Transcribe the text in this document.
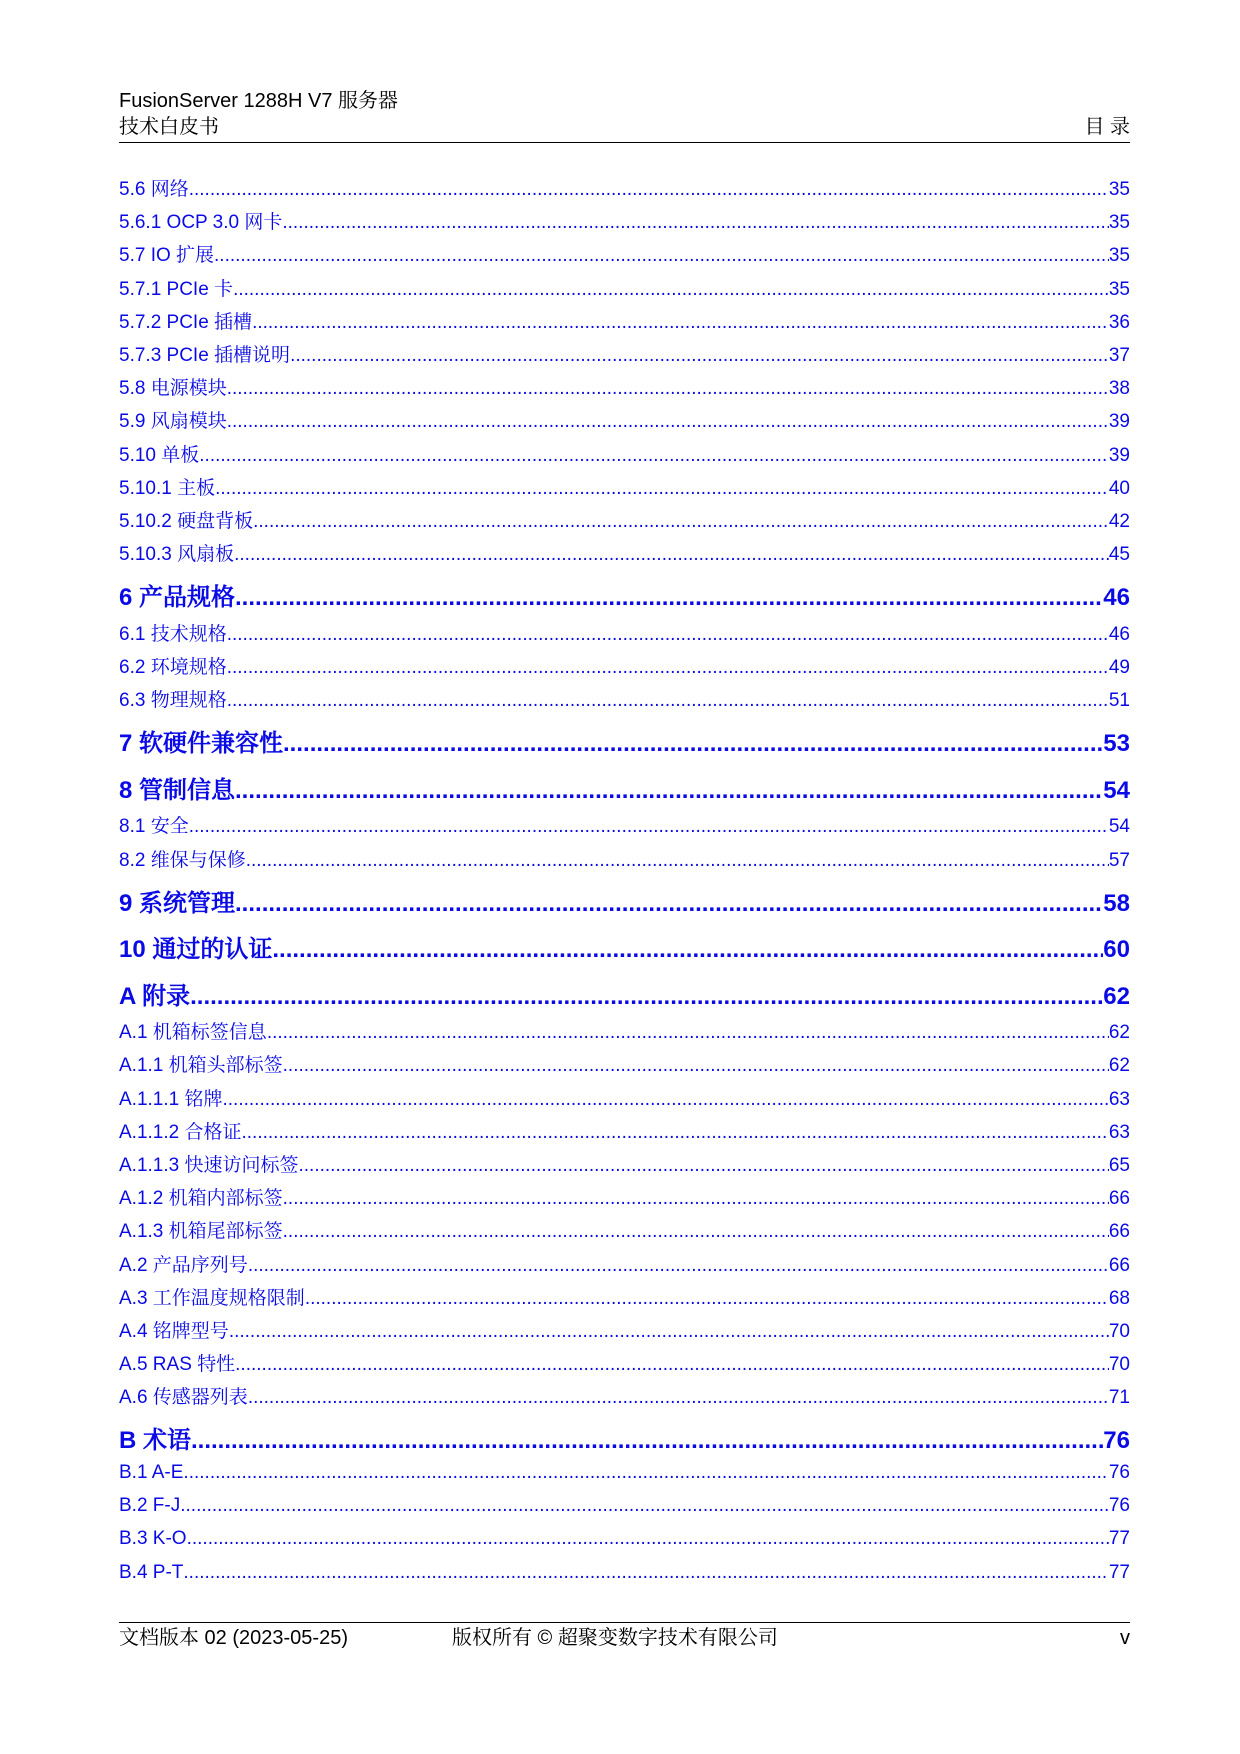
FusionServer 1288H V7 服务器
技术白皮书	目 录
5.6 网络 .....	35
5.6.1 OCP 3.0 网卡 .....	35
5.7 IO 扩展 .....	35
5.7.1 PCIe 卡 .....	35
5.7.2 PCIe 插槽 .....	36
5.7.3 PCIe 插槽说明 .....	37
5.8 电源模块 .....	38
5.9 风扇模块 .....	39
5.10 单板 .....	39
5.10.1 主板 .....	40
5.10.2 硬盘背板 .....	42
5.10.3 风扇板 .....	45
6 产品规格 .....	46
6.1 技术规格 .....	46
6.2 环境规格 .....	49
6.3 物理规格 .....	51
7 软硬件兼容性 .....	53
8 管制信息 .....	54
8.1 安全 .....	54
8.2 维保与保修 .....	57
9 系统管理 .....	58
10 通过的认证 .....	60
A 附录 .....	62
A.1 机箱标签信息 .....	62
A.1.1 机箱头部标签 .....	62
A.1.1.1 铭牌 .....	63
A.1.1.2 合格证 .....	63
A.1.1.3 快速访问标签 .....	65
A.1.2 机箱内部标签 .....	66
A.1.3 机箱尾部标签 .....	66
A.2 产品序列号 .....	66
A.3 工作温度规格限制 .....	68
A.4 铭牌型号 .....	70
A.5 RAS 特性 .....	70
A.6 传感器列表 .....	71
B 术语 .....	76
B.1 A-E .....	76
B.2 F-J .....	76
B.3 K-O .....	77
B.4 P-T .....	77
文档版本 02 (2023-05-25)	版权所有 © 超聚变数字技术有限公司	v
